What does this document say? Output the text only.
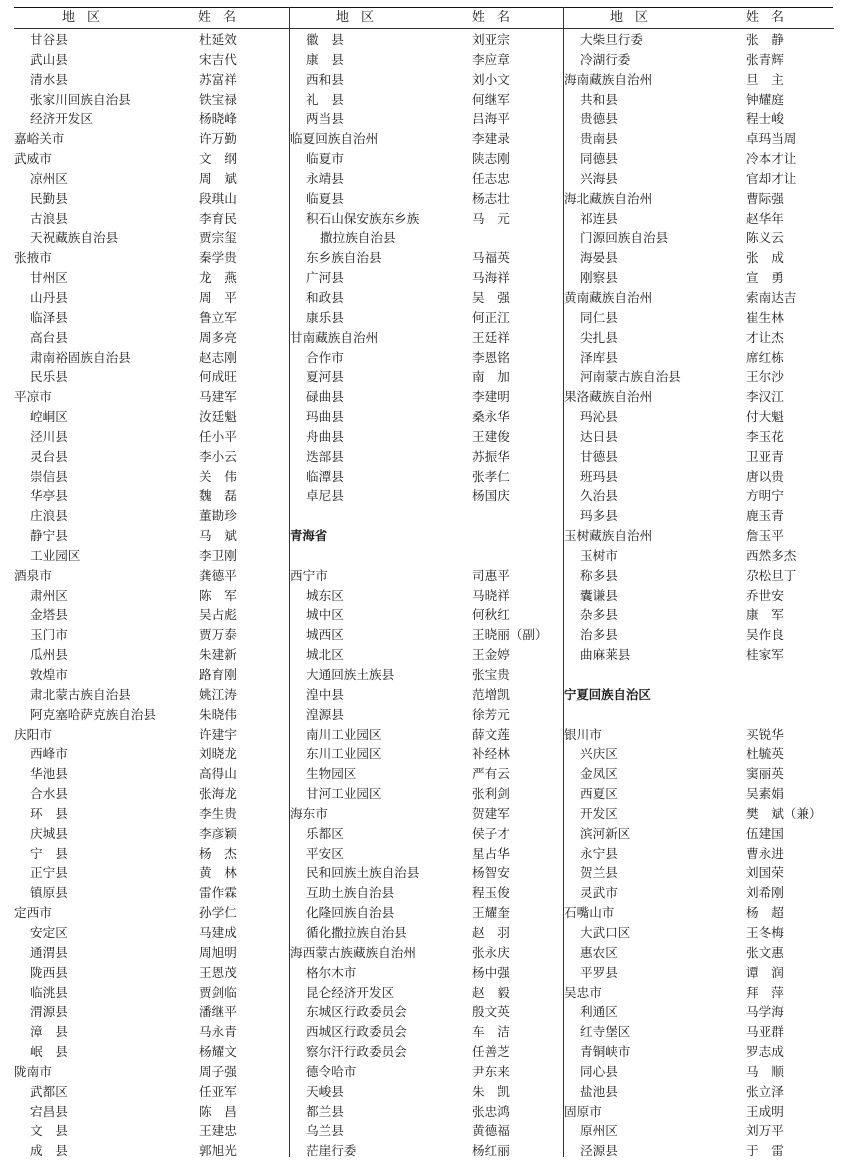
地区	姓名
甘谷县	杜延效
武山县	宋吉代
清水县	苏富祥
张家川回族自治县	铁宝禄
经济开发区	杨晓峰
嘉峪关市	许万勤
武威市	文　纲
凉州区	周　斌
民勤县	段琪山
古浪县	李育民
天祝藏族自治县	贾宗玺
张掖市	秦学贵
甘州区	龙　燕
山丹县	周　平
临泽县	鲁立军
高台县	周多亮
肃南裕固族自治县	赵志刚
民乐县	何成旺
平凉市	马建军
崆峒区	汝廷魁
泾川县	任小平
灵台县	李小云
崇信县	关　伟
华亭县	魏　磊
庄浪县	董勘珍
静宁县	马　斌
工业园区	李卫刚
酒泉市	龚德平
肃州区	陈　军
金塔县	吴占彪
玉门市	贾万泰
瓜州县	朱建新
敦煌市	路育刚
肃北蒙古族自治县	姚江涛
阿克塞哈萨克族自治县	朱晓伟
庆阳市	许建宇
西峰市	刘晓龙
华池县	高得山
合水县	张海龙
环　县	李生贵
庆城县	李彦颖
宁　县	杨　杰
正宁县	黄　林
镇原县	雷作霖
定西市	孙学仁
安定区	马建成
通渭县	周旭明
陇西县	王恩茂
临洮县	贾剑临
渭源县	潘继平
漳　县	马永青
岷　县	杨耀文
陇南市	周子强
武都区	任亚军
宕昌县	陈　昌
文　县	王建忠
成　县	郭旭光
地区	姓名
徽　县	刘亚宗
康　县	李应章
西和县	刘小文
礼　县	何继军
两当县	吕海平
临夏回族自治州	李建录
临夏市	陕志刚
永靖县	任志忠
临夏县	杨志壮
积石山保安族东乡族	马　元
撒拉族自治县
东乡族自治县	马福英
广河县	马海祥
和政县	吴　强
康乐县	何正江
甘南藏族自治州	王廷祥
合作市	李恩铭
夏河县	南　加
碌曲县	李建明
玛曲县	桑永华
舟曲县	王建俊
迭部县	苏振华
临潭县	张孝仁
卓尼县	杨国庆
青海省
西宁市	司惠平
城东区	马晓祥
城中区	何秋红
城西区	王晓丽（副）
城北区	王金婷
大通回族土族县	张宝贵
湟中县	范增凯
湟源县	徐芳元
南川工业园区	薛文莲
东川工业园区	补经林
生物园区	严有云
甘河工业园区	张利剑
海东市	贺建军
乐都区	侯子才
平安区	星占华
民和回族土族自治县	杨智安
互助土族自治县	程玉俊
化隆回族自治县	王耀奎
循化撒拉族自治县	赵　羽
海西蒙古族藏族自治州	张永庆
格尔木市	杨中强
昆仑经济开发区	赵　毅
东城区行政委员会	殷文英
西城区行政委员会	车　洁
察尔汗行政委员会	任善芝
德令哈市	尹东来
天峻县	朱　凯
都兰县	张忠鸿
乌兰县	黄德福
茫崖行委	杨红丽
地区	姓名
大柴旦行委	张　静
冷湖行委	张青辉
海南藏族自治州	旦　主
共和县	钟耀庭
贵德县	程士峻
贵南县	卓玛当周
同德县	冷本才让
兴海县	官却才让
海北藏族自治州	曹际强
祁连县	赵华年
门源回族自治县	陈义云
海晏县	张　成
刚察县	宣　勇
黄南藏族自治州	索南达吉
同仁县	崔生林
尖扎县	才让杰
泽库县	席红栋
河南蒙古族自治县	王尔沙
果洛藏族自治州	李汉江
玛沁县	付大魁
达日县	李玉花
甘德县	卫亚青
班玛县	唐以贵
久治县	方明宁
玛多县	鹿玉青
玉树藏族自治州	詹玉平
玉树市	西然多杰
称多县	尕松旦丁
囊谦县	乔世安
杂多县	康　军
治多县	吴作良
曲麻莱县	桂家军
宁夏回族自治区
银川市	买锐华
兴庆区	杜毓英
金凤区	窦丽英
西夏区	吴素娟
开发区	樊　斌（兼）
滨河新区	伍建国
永宁县	曹永进
贺兰县	刘国荣
灵武市	刘希刚
石嘴山市	杨　超
大武口区	王冬梅
惠农区	张文惠
平罗县	谭　润
吴忠市	拜　萍
利通区	马学海
红寺堡区	马亚群
青铜峡市	罗志成
同心县	马　顺
盐池县	张立泽
固原市	王成明
原州区	刘万平
泾源县	于　雷
